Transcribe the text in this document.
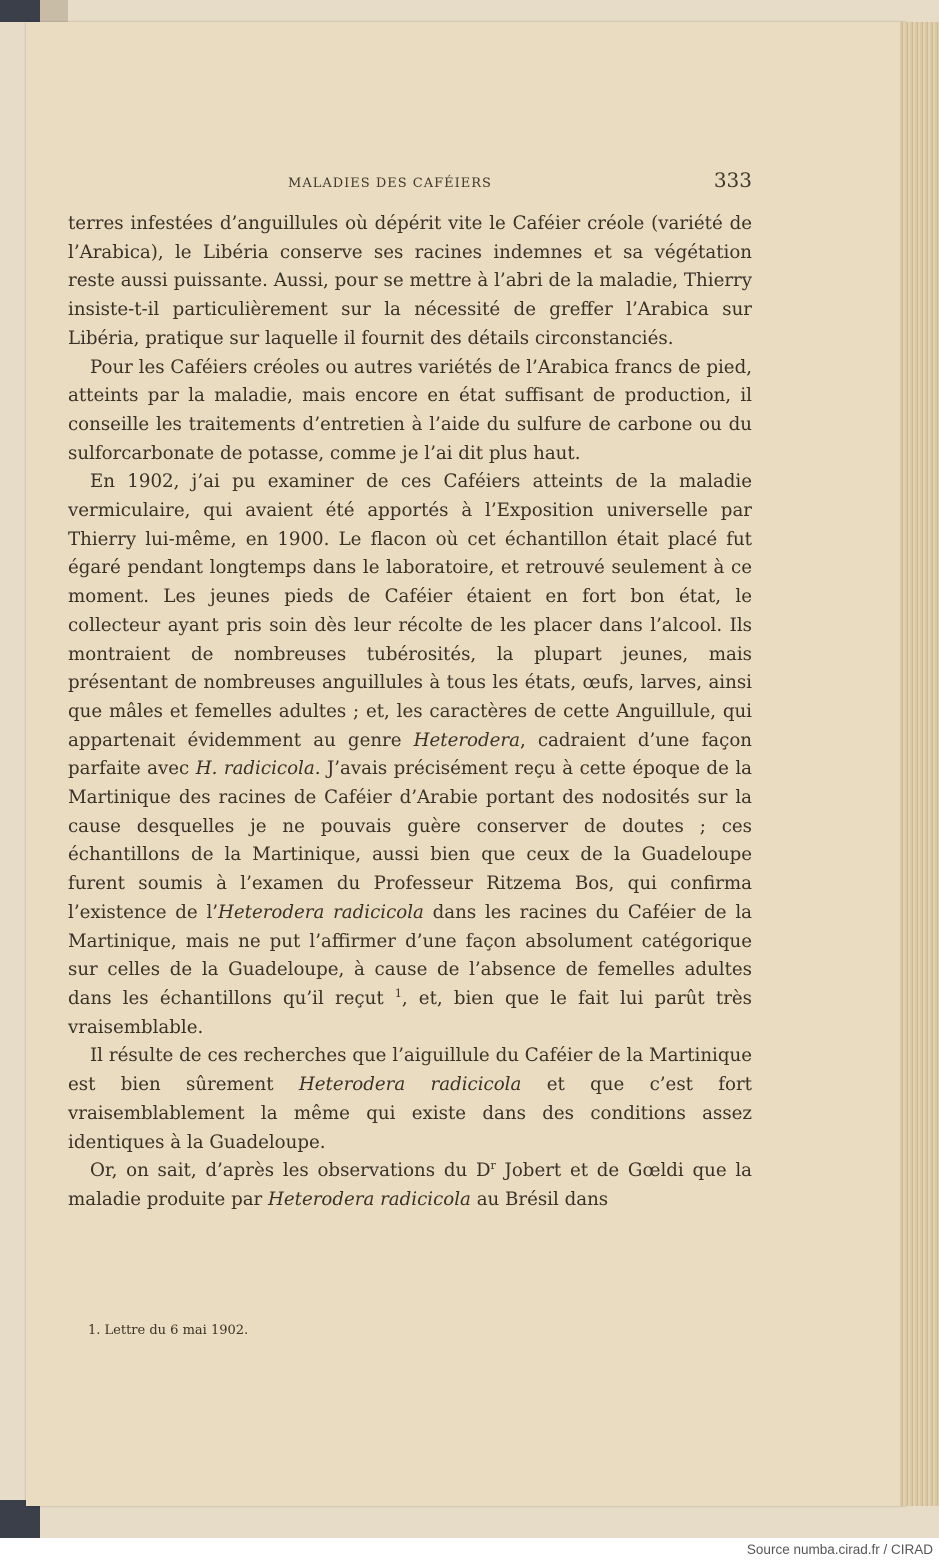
MALADIES DES CAFÉIERS	333

terres infestées d’anguillules où dépérit vite le Caféier créole (variété de l’Arabica), le Libéria conserve ses racines indemnes et sa végétation reste aussi puissante. Aussi, pour se mettre à l’abri de la maladie, Thierry insiste-t-il particulièrement sur la nécessité de greffer l’Arabica sur Libéria, pratique sur laquelle il fournit des détails circonstanciés.

Pour les Caféiers créoles ou autres variétés de l’Arabica francs de pied, atteints par la maladie, mais encore en état suffisant de production, il conseille les traitements d’entretien à l’aide du sulfure de carbone ou du sulforcarbonate de potasse, comme je l’ai dit plus haut.

En 1902, j’ai pu examiner de ces Caféiers atteints de la maladie vermiculaire, qui avaient été apportés à l’Exposition universelle par Thierry lui-même, en 1900. Le flacon où cet échantillon était placé fut égaré pendant longtemps dans le laboratoire, et retrouvé seulement à ce moment. Les jeunes pieds de Caféier étaient en fort bon état, le collecteur ayant pris soin dès leur récolte de les placer dans l’alcool. Ils montraient de nombreuses tubérosités, la plupart jeunes, mais présentant de nombreuses anguillules à tous les états, œufs, larves, ainsi que mâles et femelles adultes ; et, les caractères de cette Anguillule, qui appartenait évidemment au genre Heterodera, cadraient d’une façon parfaite avec H. radicicola. J’avais précisément reçu à cette époque de la Martinique des racines de Caféier d’Arabie portant des nodosités sur la cause desquelles je ne pouvais guère conserver de doutes ; ces échantillons de la Martinique, aussi bien que ceux de la Guadeloupe furent soumis à l’examen du Professeur Ritzema Bos, qui confirma l’existence de l’Heterodera radicicola dans les racines du Caféier de la Martinique, mais ne put l’affirmer d’une façon absolument catégorique sur celles de la Guadeloupe, à cause de l’absence de femelles adultes dans les échantillons qu’il reçut $^1$, et, bien que le fait lui parût très vraisemblable.

Il résulte de ces recherches que l’aiguillule du Caféier de la Martinique est bien sûrement Heterodera radicicola et que c’est fort vraisemblablement la même qui existe dans des conditions assez identiques à la Guadeloupe.

Or, on sait, d’après les observations du $D^r$ Jobert et de Gœldi que la maladie produite par Heterodera radicicola au Brésil dans

1. Lettre du 6 mai 1902.
Source numba.cirad.fr / CIRAD
